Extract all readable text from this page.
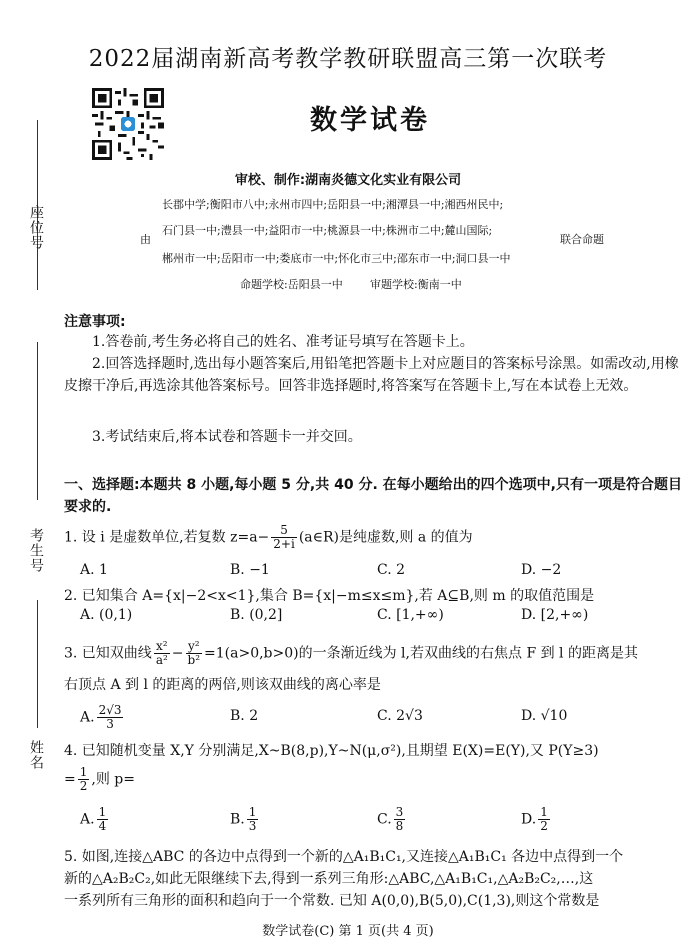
座位号
考生号
姓名
2022届湖南新高考教学教研联盟高三第一次联考
数学试卷
审校、制作:湖南炎德文化实业有限公司
长郡中学;衡阳市八中;永州市四中;岳阳县一中;湘潭县一中;湘西州民中;
由
石门县一中;澧县一中;益阳市一中;桃源县一中;株洲市二中;麓山国际;
联合命题
郴州市一中;岳阳市一中;娄底市一中;怀化市三中;邵东市一中;洞口县一中
命题学校:岳阳县一中 审题学校:衡南一中
注意事项:
1.答卷前,考生务必将自己的姓名、准考证号填写在答题卡上。
2.回答选择题时,选出每小题答案后,用铅笔把答题卡上对应题目的答案标号涂黑。如需改动,用橡皮擦干净后,再选涂其他答案标号。回答非选择题时,将答案写在答题卡上,写在本试卷上无效。
3.考试结束后,将本试卷和答题卡一并交回。
一、选择题:本题共 8 小题,每小题 5 分,共 40 分. 在每小题给出的四个选项中,只有一项是符合题目要求的.
1. 设 i 是虚数单位,若复数 $z=a- \frac{5}{2+i}$ (a∈R)是纯虚数,则 a 的值为
A. 1	B. −1	C. 2	D. −2
2. 已知集合 A={x|−2<x<1},集合 B={x|−m≤x≤m},若 A⊆B,则 m 的取值范围是
A. (0,1)	B. (0,2]	C. [1,+∞)	D. [2,+∞)
3. 已知双曲线 $\frac{\text{x²}}{\text{a²}} - \frac{\text{y²}}{\text{b²}} =1(a>0,b>0)$的一条渐近线为 l,若双曲线的右焦点 F 到 l 的距离是其
右顶点 A 到 l 的距离的两倍,则该双曲线的离心率是
A. $\frac{2√3}{3}$	B. 2	C. 2√3	D. √10
4. 已知随机变量 X,Y 分别满足,X~B(8,p),Y~N(μ,σ²),且期望 E(X)=E(Y),又 P(Y≥3)
= $\frac{1}{2}$ ,则 p=
A. $\frac{1}{4}$	B. $\frac{1}{3}$	C. $\frac{3}{8}$	D. $\frac{1}{2}$
5. 如图,连接△ABC 的各边中点得到一个新的△A₁B₁C₁,又连接△A₁B₁C₁ 各边中点得到一个
新的△A₂B₂C₂,如此无限继续下去,得到一系列三角形:△ABC,△A₁B₁C₁,△A₂B₂C₂,…,这
一系列所有三角形的面积和趋向于一个常数. 已知 A(0,0),B(5,0),C(1,3),则这个常数是
数学试卷(C) 第 1 页(共 4 页)
